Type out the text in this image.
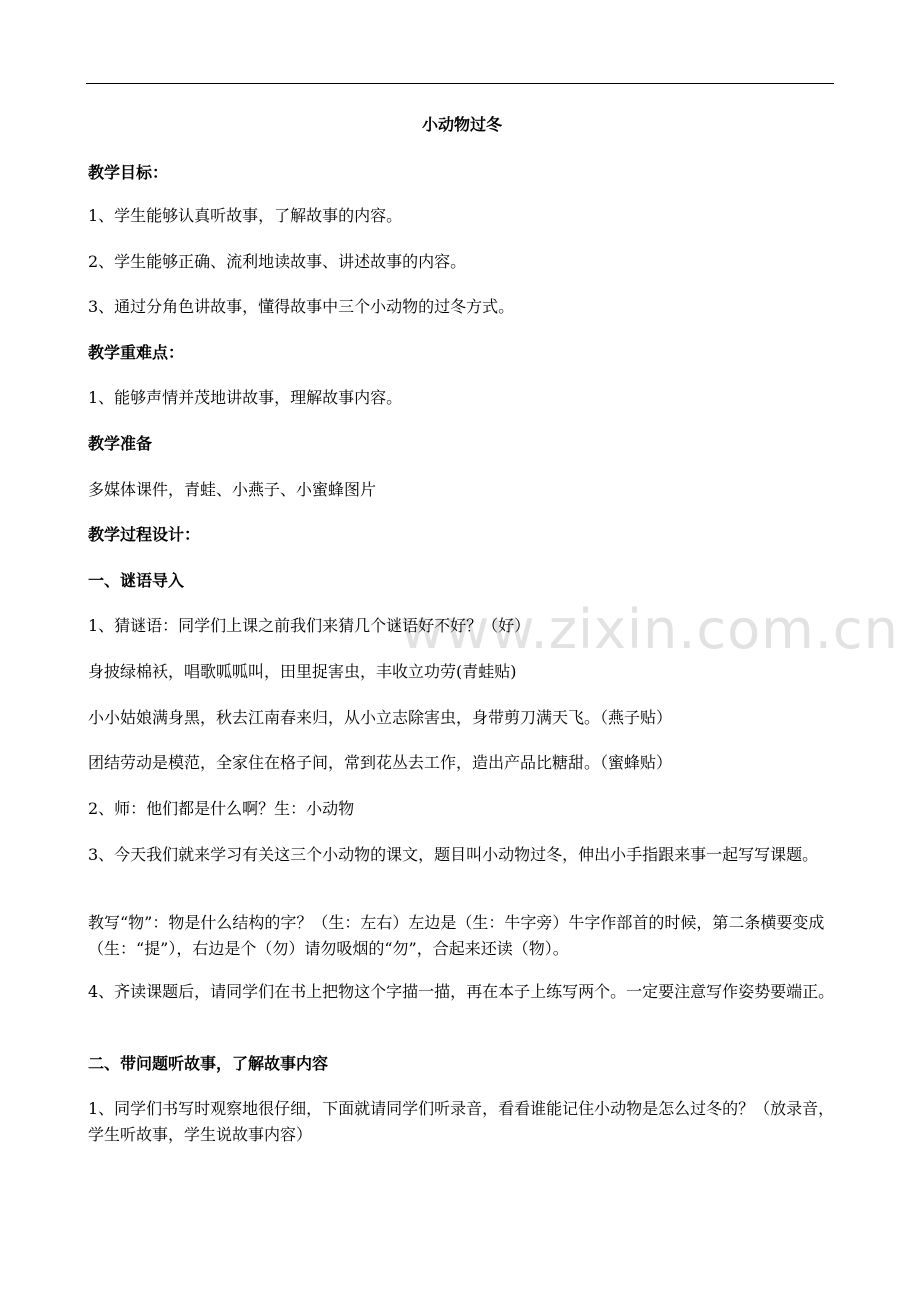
www.zixin.com.cn
小动物过冬
教学目标：
1、学生能够认真听故事，了解故事的内容。
2、学生能够正确、流利地读故事、讲述故事的内容。
3、通过分角色讲故事，懂得故事中三个小动物的过冬方式。
教学重难点：
1、能够声情并茂地讲故事，理解故事内容。
教学准备
多媒体课件，青蛙、小燕子、小蜜蜂图片
教学过程设计：
一、谜语导入
1、猜谜语：同学们上课之前我们来猜几个谜语好不好？（好）
身披绿棉袄，唱歌呱呱叫，田里捉害虫，丰收立功劳(青蛙贴)
小小姑娘满身黑，秋去江南春来归，从小立志除害虫，身带剪刀满天飞。（燕子贴）
团结劳动是模范，全家住在格子间，常到花丛去工作，造出产品比糖甜。（蜜蜂贴）
2、师：他们都是什么啊？生：小动物
3、今天我们就来学习有关这三个小动物的课文，题目叫小动物过冬，伸出小手指跟来事一起写写课题。
教写“物”：物是什么结构的字？（生：左右）左边是（生：牛字旁）牛字作部首的时候，第二条横要变成（生：“提”），右边是个（勿）请勿吸烟的“勿”，合起来还读（物）。
4、齐读课题后，请同学们在书上把物这个字描一描，再在本子上练写两个。一定要注意写作姿势要端正。
二、带问题听故事，了解故事内容
1、同学们书写时观察地很仔细，下面就请同学们听录音，看看谁能记住小动物是怎么过冬的？（放录音，学生听故事，学生说故事内容）
